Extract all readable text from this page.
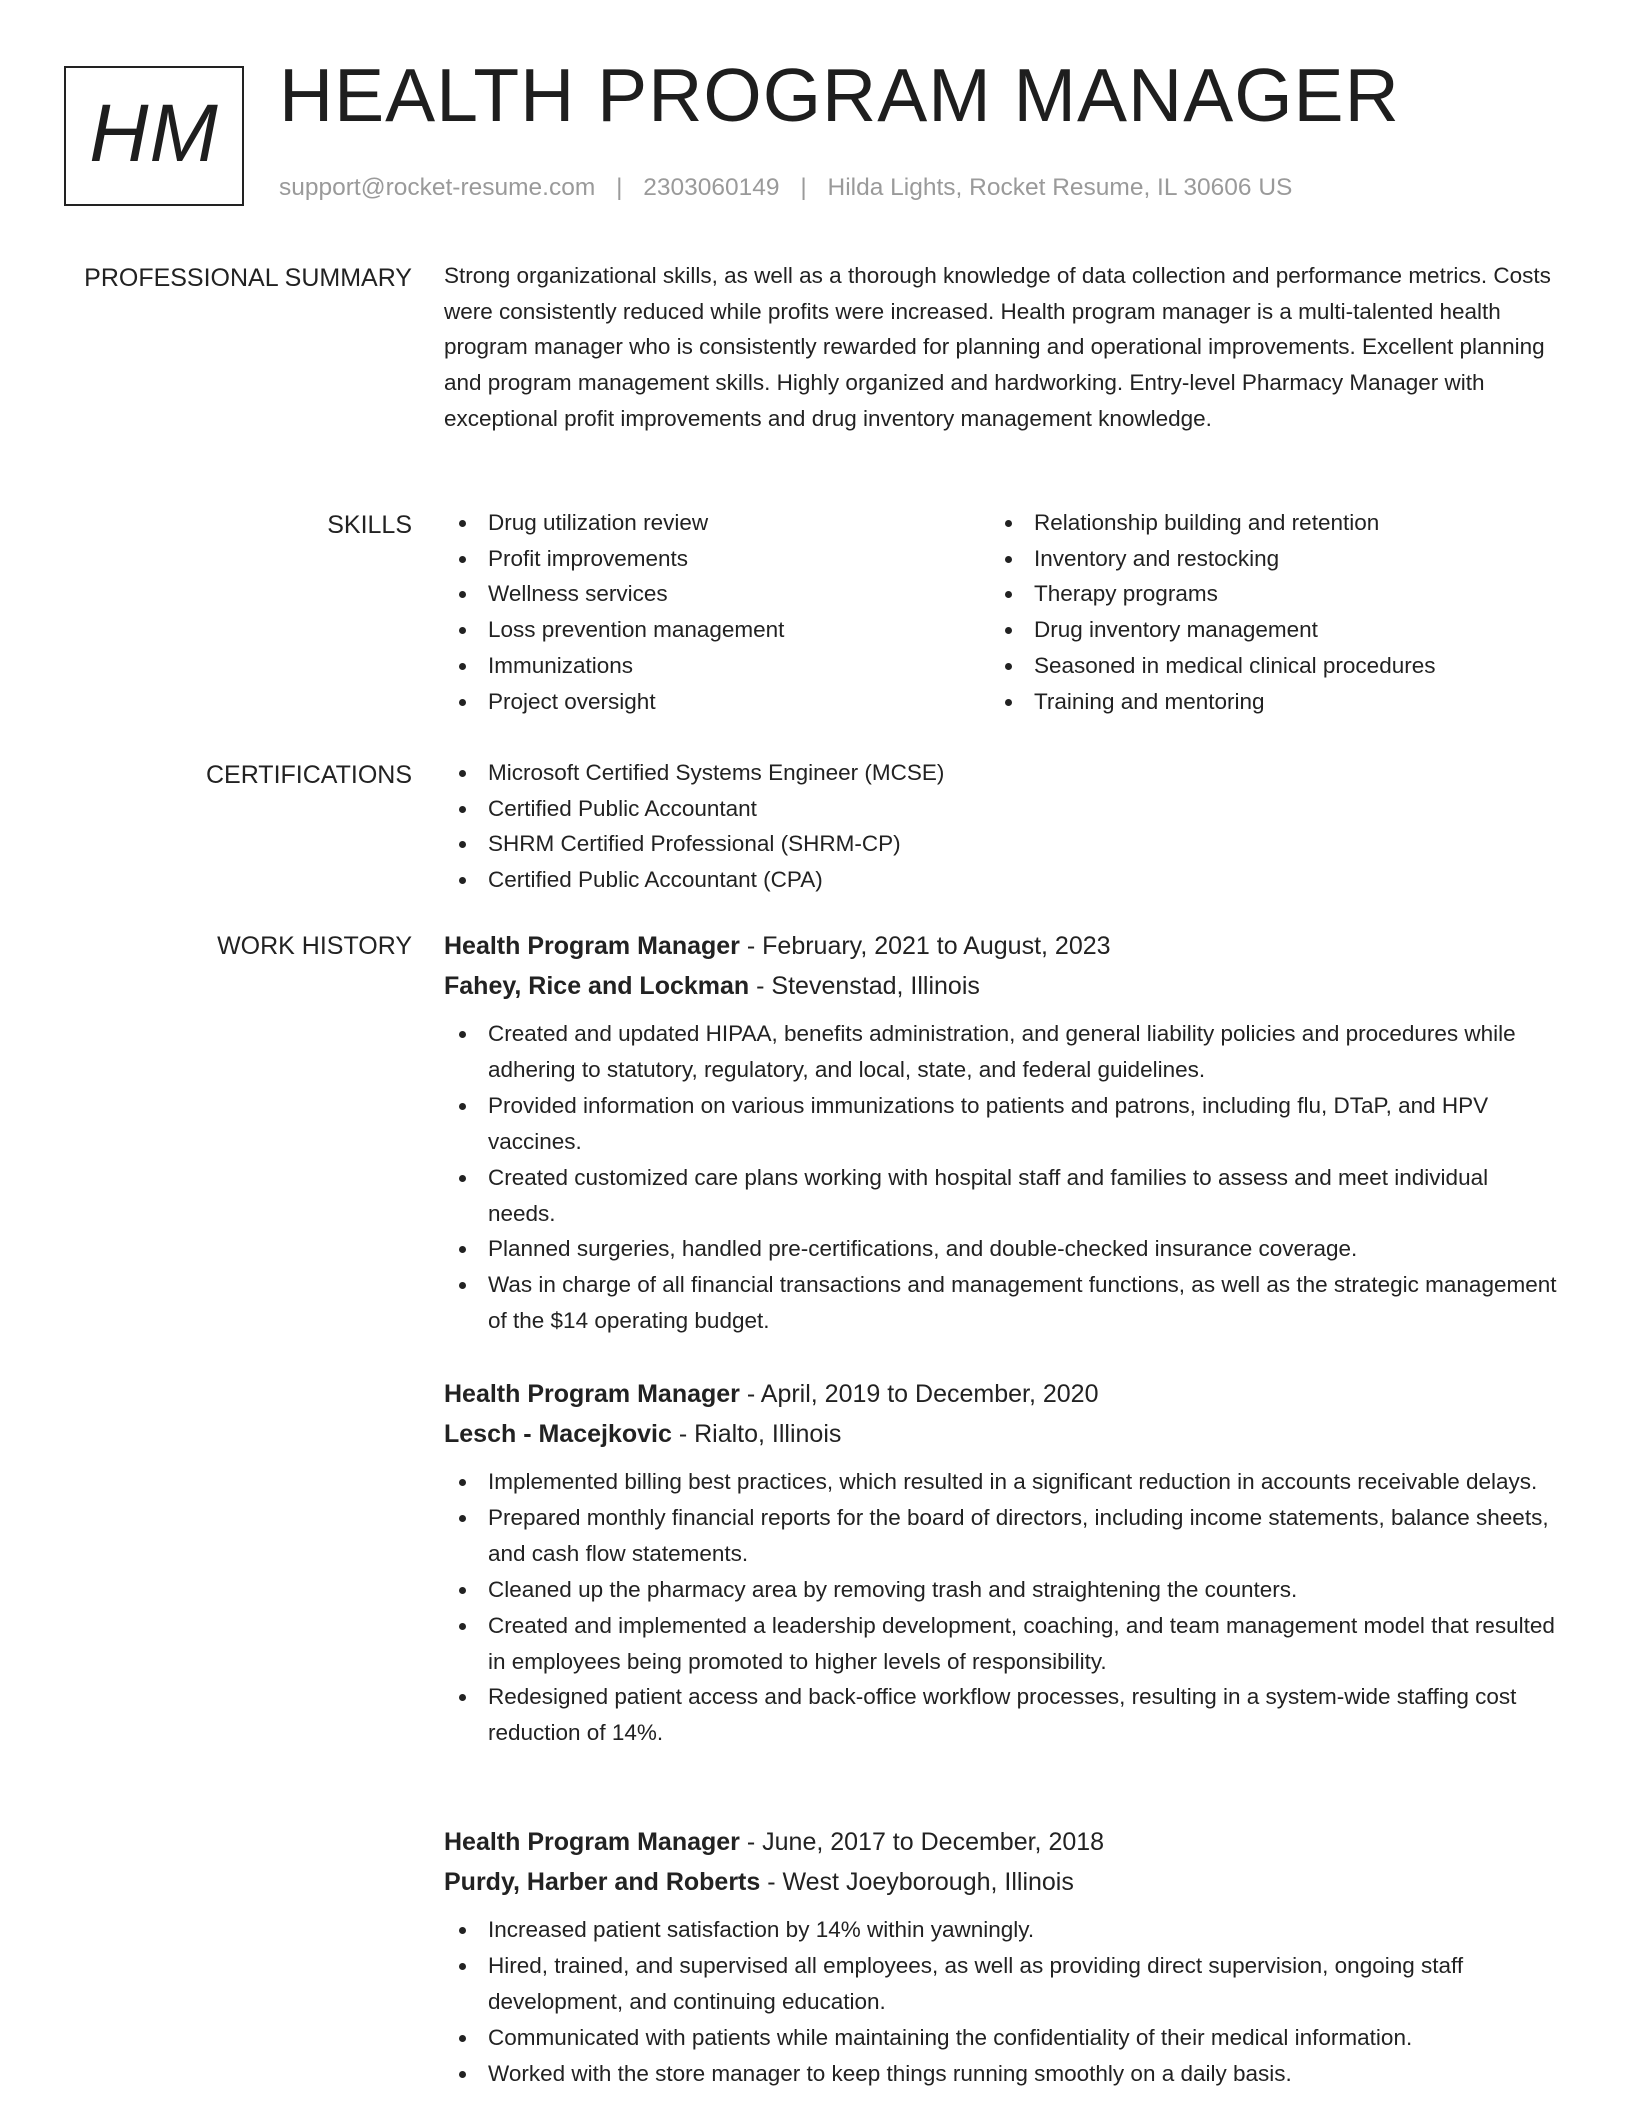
HM HEALTH PROGRAM MANAGER
support@rocket-resume.com | 2303060149 | Hilda Lights, Rocket Resume, IL 30606 US
PROFESSIONAL SUMMARY Strong organizational skills, as well as a thorough knowledge of data collection and performance metrics. Costs were consistently reduced while profits were increased. Health program manager is a multi-talented health program manager who is consistently rewarded for planning and operational improvements. Excellent planning and program management skills. Highly organized and hardworking. Entry-level Pharmacy Manager with exceptional profit improvements and drug inventory management knowledge.

SKILLS	Drug utilization review
Profit improvements
Wellness services
Loss prevention management
Immunizations
Project oversight
Relationship building and retention
Inventory and restocking
Therapy programs
Drug inventory management
Seasoned in medical clinical procedures
Training and mentoring
CERTIFICATIONS	Microsoft Certified Systems Engineer (MCSE)
Certified Public Accountant
SHRM Certified Professional (SHRM-CP)
Certified Public Accountant (CPA)
WORK HISTORY Health Program Manager - February, 2021 to August, 2023
Fahey, Rice and Lockman - Stevenstad, Illinois
Created and updated HIPAA, benefits administration, and general liability policies and procedures while adhering to statutory, regulatory, and local, state, and federal guidelines.
Provided information on various immunizations to patients and patrons, including flu, DTaP, and HPV vaccines.
Created customized care plans working with hospital staff and families to assess and meet individual needs.
Planned surgeries, handled pre-certifications, and double-checked insurance coverage.
Was in charge of all financial transactions and management functions, as well as the strategic management of the $14 operating budget.
Health Program Manager - April, 2019 to December, 2020
Lesch - Macejkovic - Rialto, Illinois
Implemented billing best practices, which resulted in a significant reduction in accounts receivable delays.
Prepared monthly financial reports for the board of directors, including income statements, balance sheets, and cash flow statements.
Cleaned up the pharmacy area by removing trash and straightening the counters.
Created and implemented a leadership development, coaching, and team management model that resulted in employees being promoted to higher levels of responsibility.
Redesigned patient access and back-office workflow processes, resulting in a system-wide staffing cost reduction of 14%.
Health Program Manager - June, 2017 to December, 2018
Purdy, Harber and Roberts - West Joeyborough, Illinois
Increased patient satisfaction by 14% within yawningly.
Hired, trained, and supervised all employees, as well as providing direct supervision, ongoing staff development, and continuing education.
Communicated with patients while maintaining the confidentiality of their medical information.
Worked with the store manager to keep things running smoothly on a daily basis.
